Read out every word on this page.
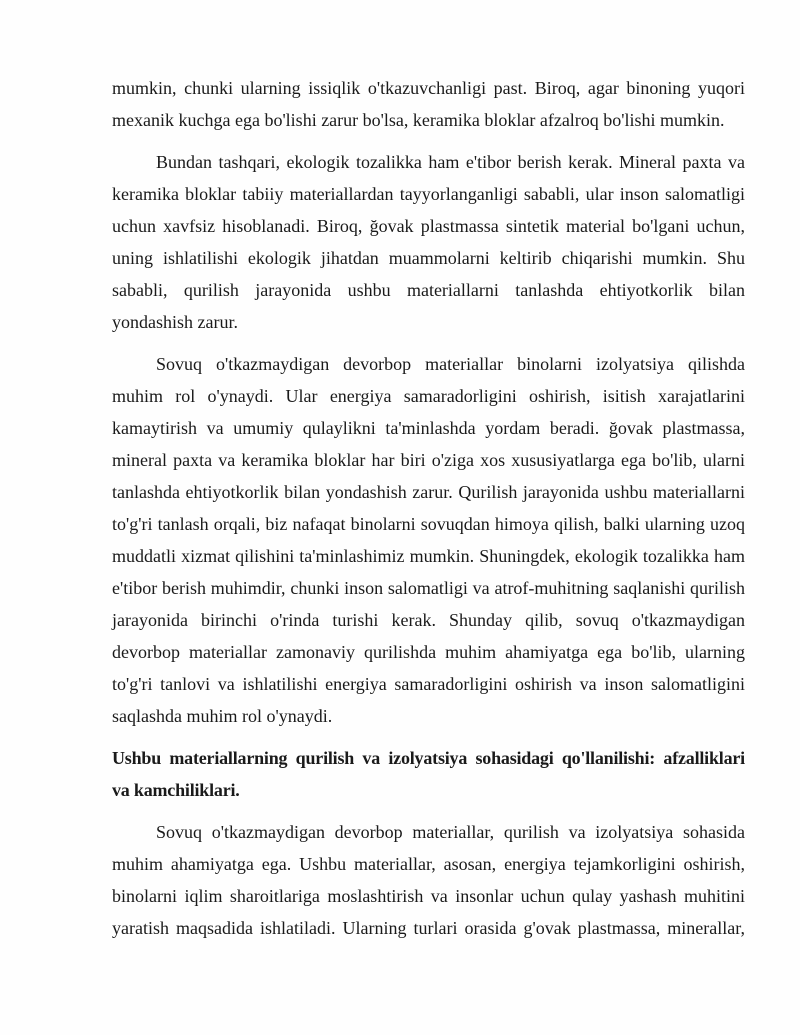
mumkin, chunki ularning issiqlik o'tkazuvchanligi past. Biroq, agar binoning yuqori
mexanik kuchga ega bo'lishi zarur bo'lsa, keramika bloklar afzalroq bo'lishi mumkin.
Bundan tashqari, ekologik tozalikka ham e'tibor berish kerak. Mineral paxta va
keramika bloklar tabiiy materiallardan tayyorlanganligi sababli, ular inson salomatligi
uchun xavfsiz hisoblanadi. Biroq, ğovak plastmassa sintetik material bo'lgani uchun,
uning ishlatilishi ekologik jihatdan muammolarni keltirib chiqarishi mumkin. Shu
sababli, qurilish jarayonida ushbu materiallarni tanlashda ehtiyotkorlik bilan
yondashish zarur.
Sovuq o'tkazmaydigan devorbop materiallar binolarni izolyatsiya qilishda
muhim rol o'ynaydi. Ular energiya samaradorligini oshirish, isitish xarajatlarini
kamaytirish va umumiy qulaylikni ta'minlashda yordam beradi. ğovak plastmassa,
mineral paxta va keramika bloklar har biri o'ziga xos xususiyatlarga ega bo'lib, ularni
tanlashda ehtiyotkorlik bilan yondashish zarur. Qurilish jarayonida ushbu materiallarni
to'g'ri tanlash orqali, biz nafaqat binolarni sovuqdan himoya qilish, balki ularning uzoq
muddatli xizmat qilishini ta'minlashimiz mumkin. Shuningdek, ekologik tozalikka ham
e'tibor berish muhimdir, chunki inson salomatligi va atrof-muhitning saqlanishi qurilish
jarayonida birinchi o'rinda turishi kerak. Shunday qilib, sovuq o'tkazmaydigan
devorbop materiallar zamonaviy qurilishda muhim ahamiyatga ega bo'lib, ularning
to'g'ri tanlovi va ishlatilishi energiya samaradorligini oshirish va inson salomatligini
saqlashda muhim rol o'ynaydi.
Ushbu materiallarning qurilish va izolyatsiya sohasidagi qo'llanilishi: afzalliklari
va kamchiliklari.
Sovuq o'tkazmaydigan devorbop materiallar, qurilish va izolyatsiya sohasida
muhim ahamiyatga ega. Ushbu materiallar, asosan, energiya tejamkorligini oshirish,
binolarni iqlim sharoitlariga moslashtirish va insonlar uchun qulay yashash muhitini
yaratish maqsadida ishlatiladi. Ularning turlari orasida g'ovak plastmassa, minerallar,
